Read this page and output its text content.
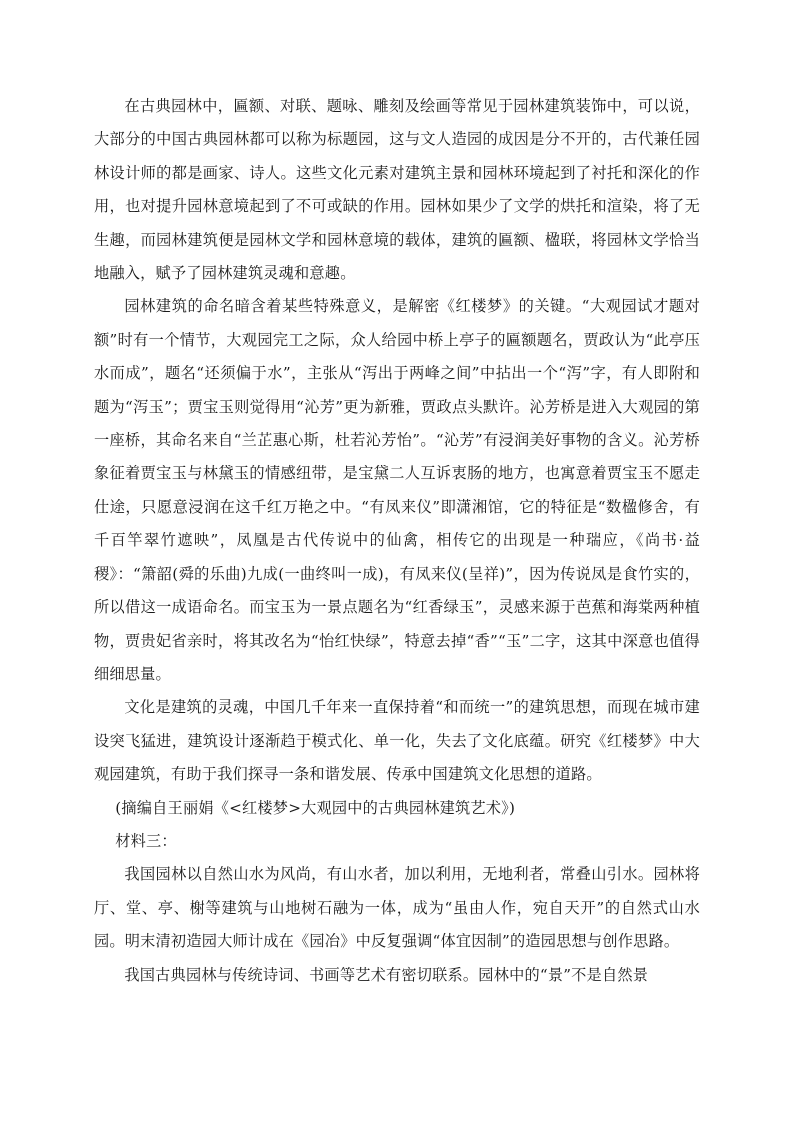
在古典园林中，匾额、对联、题咏、雕刻及绘画等常见于园林建筑装饰中，可以说，大部分的中国古典园林都可以称为标题园，这与文人造园的成因是分不开的，古代兼任园林设计师的都是画家、诗人。这些文化元素对建筑主景和园林环境起到了衬托和深化的作用，也对提升园林意境起到了不可或缺的作用。园林如果少了文学的烘托和渲染，将了无生趣，而园林建筑便是园林文学和园林意境的载体，建筑的匾额、楹联，将园林文学恰当地融入，赋予了园林建筑灵魂和意趣。

园林建筑的命名暗含着某些特殊意义，是解密《红楼梦》的关键。“大观园试才题对额”时有一个情节，大观园完工之际，众人给园中桥上亭子的匾额题名，贾政认为“此亭压水而成”，题名“还须偏于水”，主张从“泻出于两峰之间”中拈出一个“泻”字，有人即附和题为“泻玉”；贾宝玉则觉得用“沁芳”更为新雅，贾政点头默许。沁芳桥是进入大观园的第一座桥，其命名来自“兰芷惠心斯，杜若沁芳怡”。“沁芳”有浸润美好事物的含义。沁芳桥象征着贾宝玉与林黛玉的情感纽带，是宝黛二人互诉衷肠的地方，也寓意着贾宝玉不愿走仕途，只愿意浸润在这千红万艳之中。“有凤来仪”即潇湘馆，它的特征是“数楹修舍，有千百竿翠竹遮映”，凤凰是古代传说中的仙禽，相传它的出现是一种瑞应，《尚书·益稷》：“箫韶(舜的乐曲)九成(一曲终叫一成)，有凤来仪(呈祥)”，因为传说凤是食竹实的，所以借这一成语命名。而宝玉为一景点题名为“红香绿玉”，灵感来源于芭蕉和海棠两种植物，贾贵妃省亲时，将其改名为“怡红快绿”，特意去掉“香”“玉”二字，这其中深意也值得细细思量。

文化是建筑的灵魂，中国几千年来一直保持着“和而统一”的建筑思想，而现在城市建设突飞猛进，建筑设计逐渐趋于模式化、单一化，失去了文化底蕴。研究《红楼梦》中大观园建筑，有助于我们探寻一条和谐发展、传承中国建筑文化思想的道路。

(摘编自王丽娟《<红楼梦>大观园中的古典园林建筑艺术》)

材料三：

我国园林以自然山水为风尚，有山水者，加以利用，无地利者，常叠山引水。园林将厅、堂、亭、榭等建筑与山地树石融为一体，成为“虽由人作，宛自天开”的自然式山水园。明末清初造园大师计成在《园冶》中反复强调“体宜因制”的造园思想与创作思路。

我国古典园林与传统诗词、书画等艺术有密切联系。园林中的“景”不是自然景
